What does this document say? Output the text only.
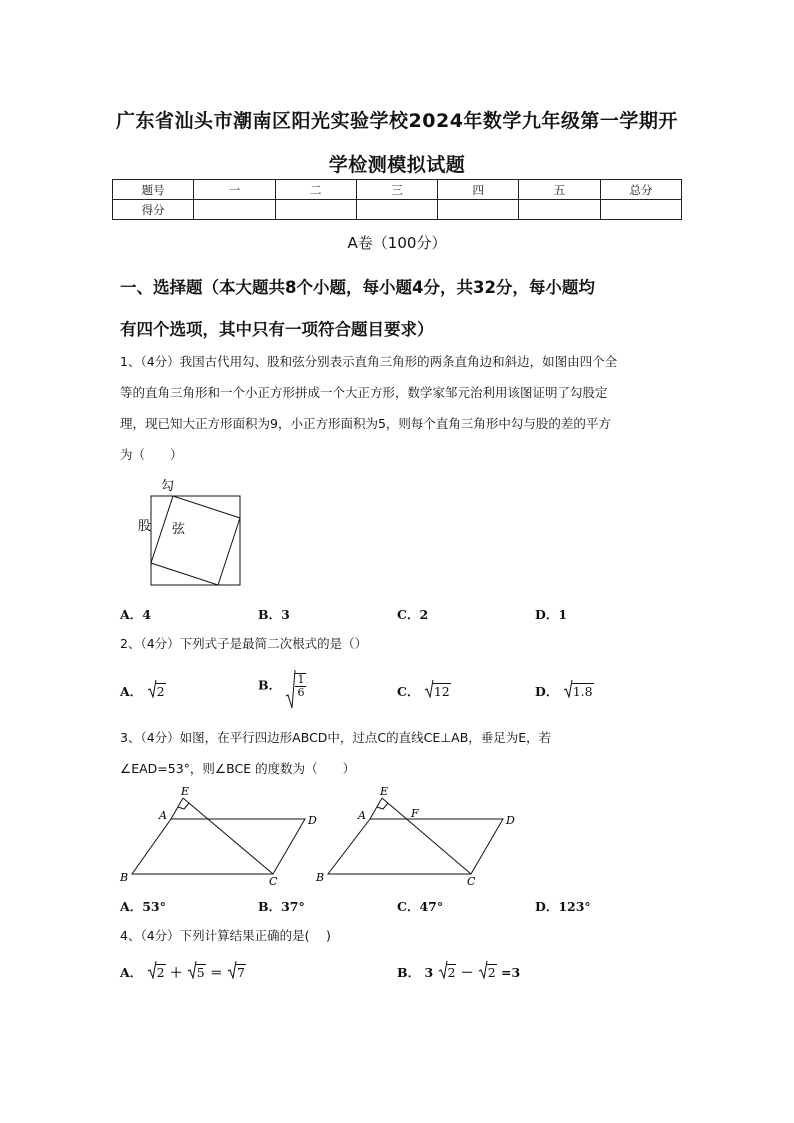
广东省汕头市潮南区阳光实验学校2024年数学九年级第一学期开
学检测模拟试题
题号	一	二	三	四	五	总分
得分						
A卷（100分）
一、选择题（本大题共8个小题，每小题4分，共32分，每小题均
有四个选项，其中只有一项符合题目要求）
1、（4分）我国古代用勾、股和弦分别表示直角三角形的两条直角边和斜边，如图由四个全
等的直角三角形和一个小正方形拼成一个大正方形，数学家邹元治利用该图证明了勾股定
理，现已知大正方形面积为9，小正方形面积为5，则每个直角三角形中勾与股的差的平方
为（　　）
勾
股 弦
A．4	B．3	C．2	D．1
2、（4分）下列式子是最简二次根式的是（）
A． 2	B． $\frac{1}{6}$	C． 12	D． 1.8
3、（4分）如图，在平行四边形ABCD中，过点C的直线CE⊥AB，垂足为E，若
∠EAD=53°，则∠BCE 的度数为（　　）
E
A	D
B	C
E
A	F
D
B	C
A．53°	B．37°	C．47°	D．123°
4、（4分）下列计算结果正确的是(　 )
A． 2 ＋ 5 ＝ 7	B． 3 2 － 2 =3
